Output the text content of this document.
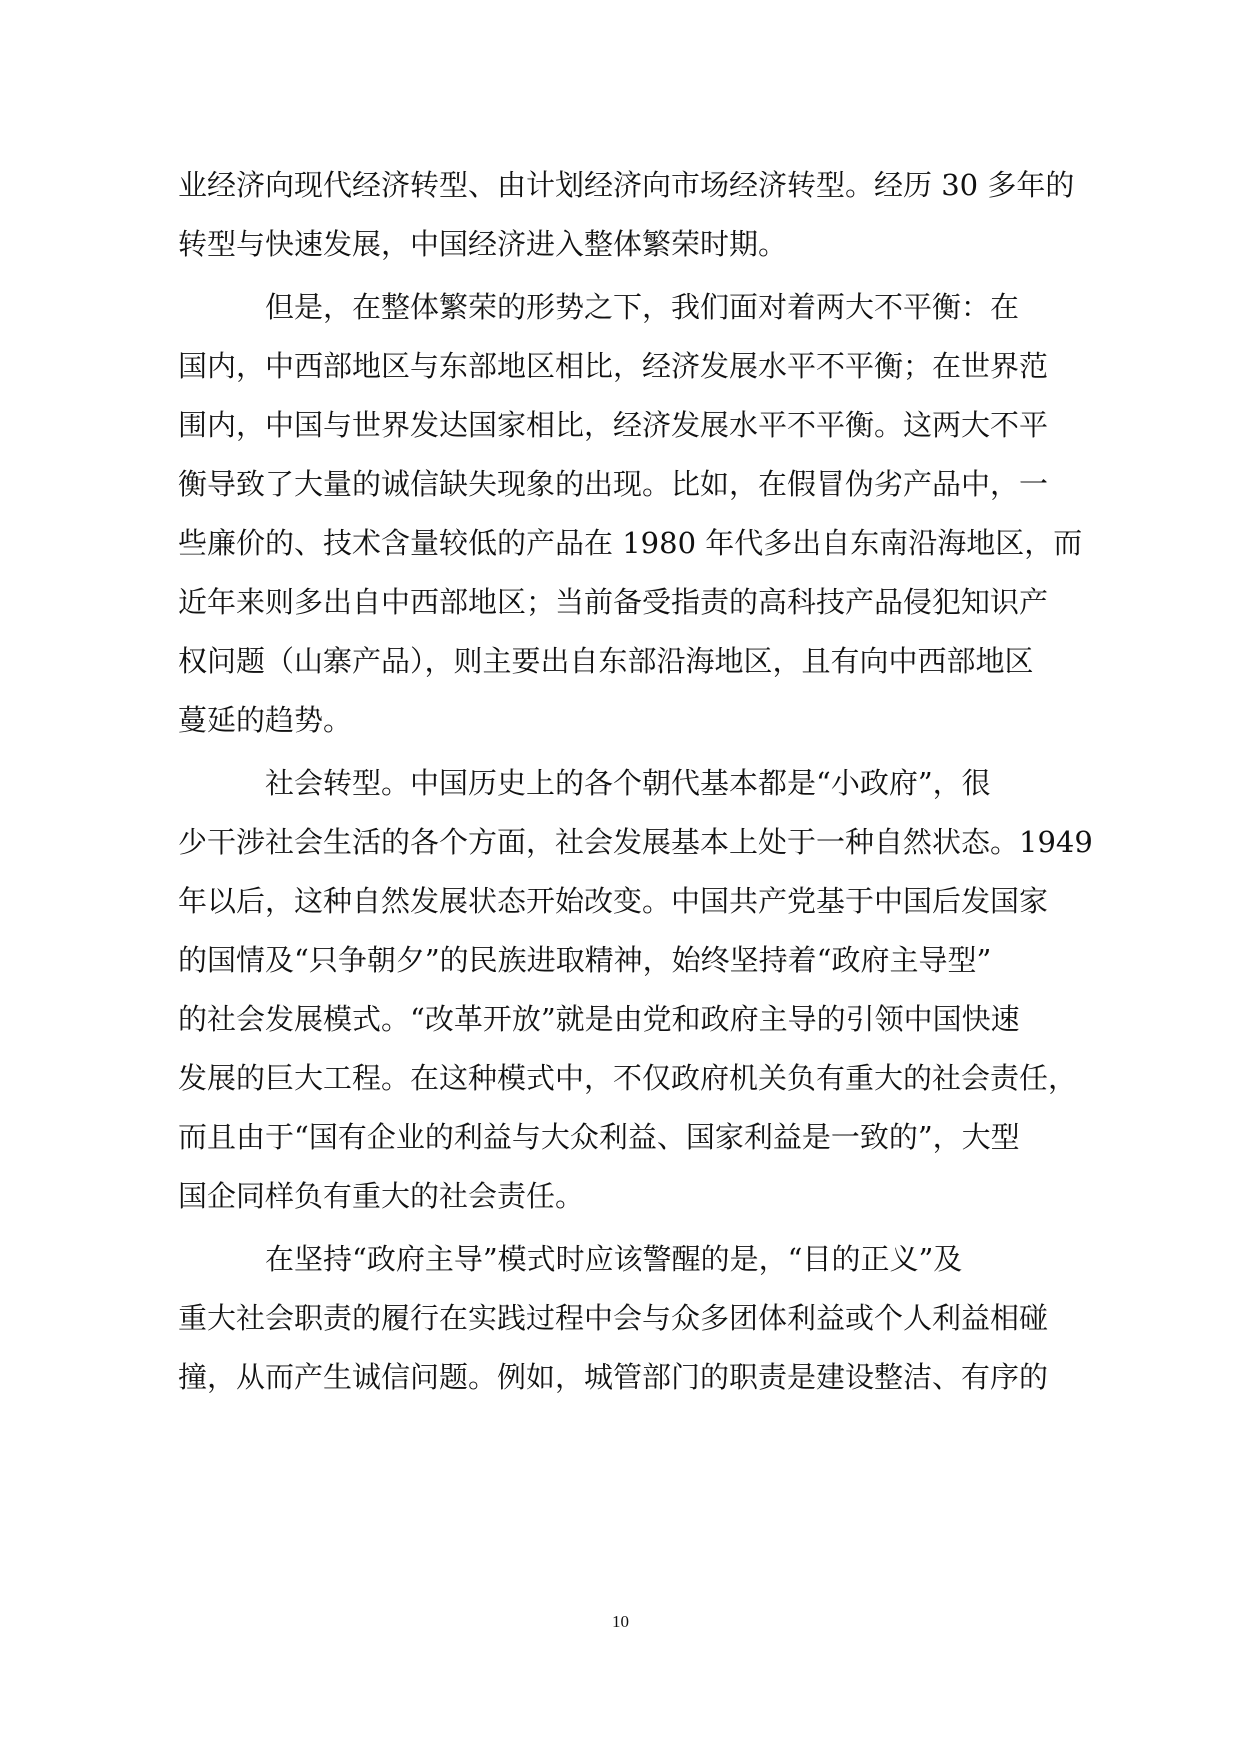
业经济向现代经济转型、由计划经济向市场经济转型。经历 30 多年的
转型与快速发展，中国经济进入整体繁荣时期。
　　　但是，在整体繁荣的形势之下，我们面对着两大不平衡：在
国内，中西部地区与东部地区相比，经济发展水平不平衡；在世界范
围内，中国与世界发达国家相比，经济发展水平不平衡。这两大不平
衡导致了大量的诚信缺失现象的出现。比如，在假冒伪劣产品中，一
些廉价的、技术含量较低的产品在 1980 年代多出自东南沿海地区，而
近年来则多出自中西部地区；当前备受指责的高科技产品侵犯知识产
权问题（山寨产品），则主要出自东部沿海地区，且有向中西部地区
蔓延的趋势。
　　　社会转型。中国历史上的各个朝代基本都是“小政府”，很
少干涉社会生活的各个方面，社会发展基本上处于一种自然状态。1949
年以后，这种自然发展状态开始改变。中国共产党基于中国后发国家
的国情及“只争朝夕”的民族进取精神，始终坚持着“政府主导型”
的社会发展模式。“改革开放”就是由党和政府主导的引领中国快速
发展的巨大工程。在这种模式中，不仅政府机关负有重大的社会责任，
而且由于“国有企业的利益与大众利益、国家利益是一致的”，大型
国企同样负有重大的社会责任。
　　　在坚持“政府主导”模式时应该警醒的是，“目的正义”及
重大社会职责的履行在实践过程中会与众多团体利益或个人利益相碰
撞，从而产生诚信问题。例如，城管部门的职责是建设整洁、有序的
10
